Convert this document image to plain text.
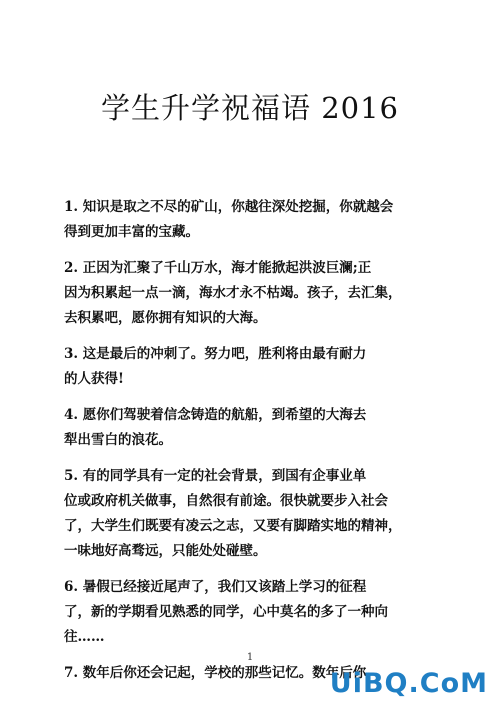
学生升学祝福语 2016

1. 知识是取之不尽的矿山，你越往深处挖掘，你就越会
得到更加丰富的宝藏。

2. 正因为汇聚了千山万水，海才能掀起洪波巨澜;正
因为积累起一点一滴，海水才永不枯竭。孩子，去汇集，
去积累吧，愿你拥有知识的大海。

3. 这是最后的冲刺了。努力吧，胜利将由最有耐力
的人获得!

4. 愿你们驾驶着信念铸造的航船，到希望的大海去
犁出雪白的浪花。

5. 有的同学具有一定的社会背景，到国有企事业单
位或政府机关做事，自然很有前途。很快就要步入社会
了，大学生们既要有凌云之志，又要有脚踏实地的精神，
一味地好高骛远，只能处处碰壁。

6. 暑假已经接近尾声了，我们又该踏上学习的征程
了，新的学期看见熟悉的同学，心中莫名的多了一种向
往……

7. 数年后你还会记起，学校的那些记忆。数年后你

1
UiBQ.CoM
